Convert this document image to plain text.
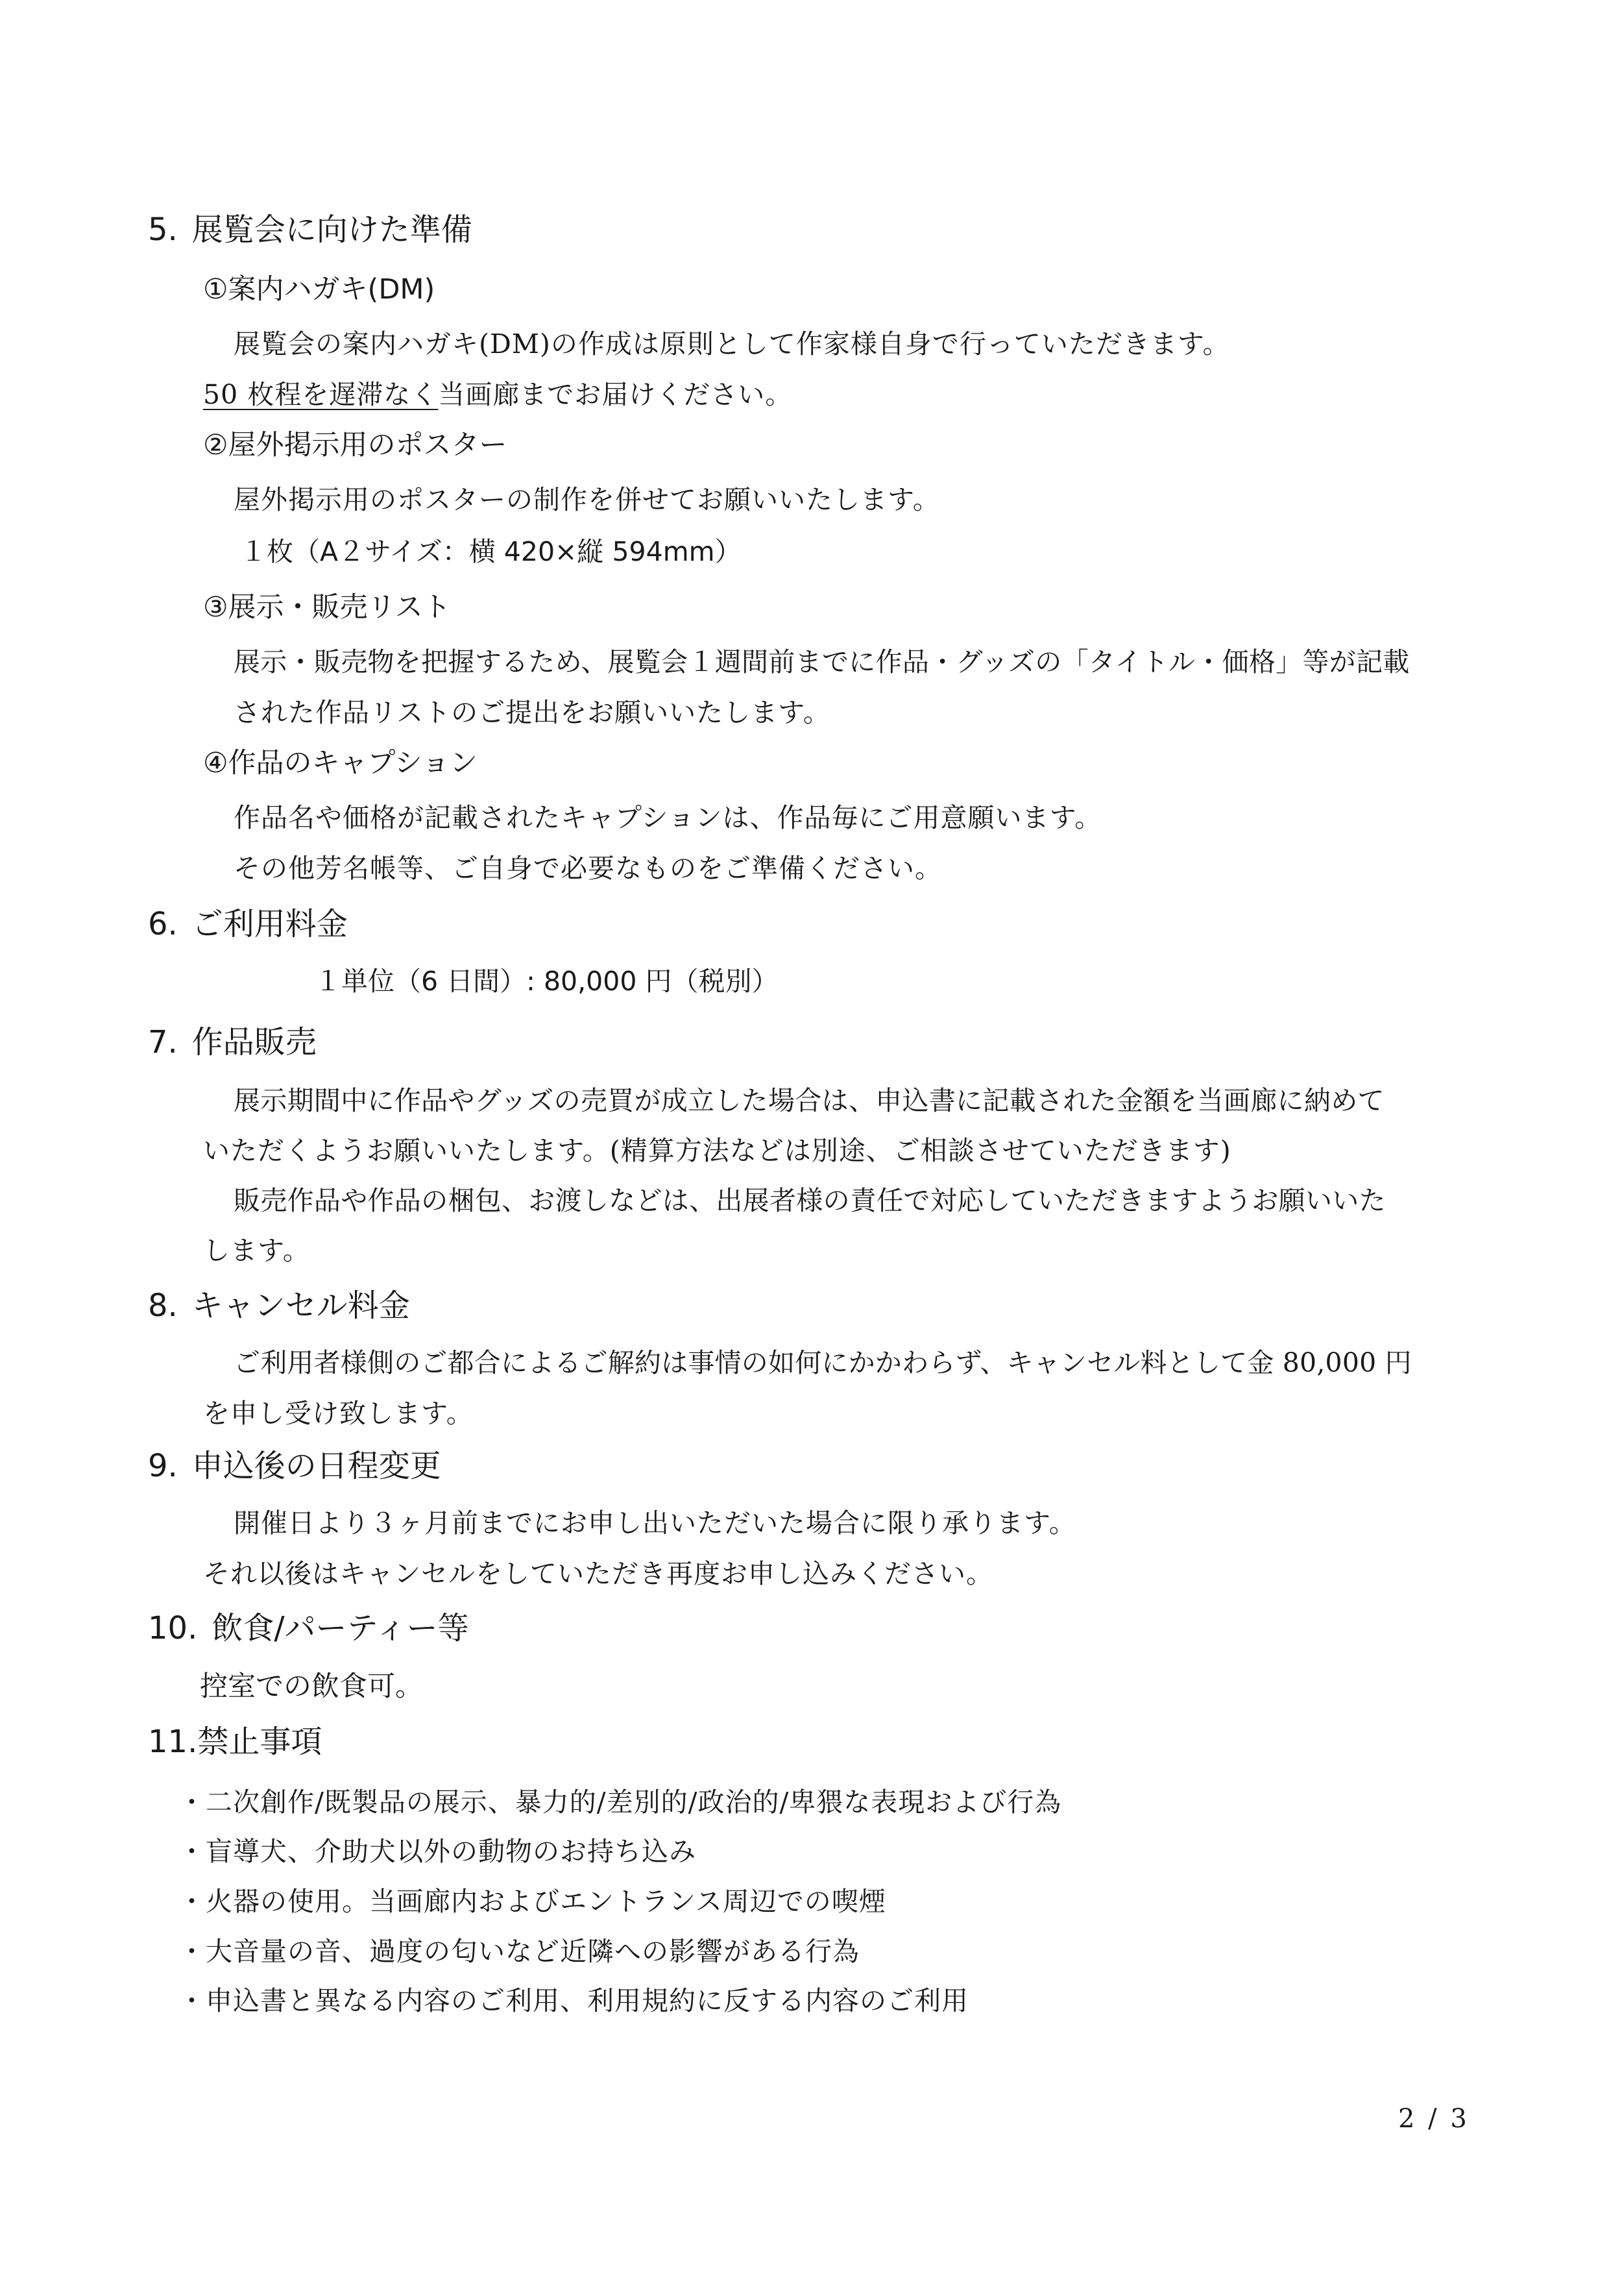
5. 展覧会に向けた準備
①案内ハガキ(DM)
展覧会の案内ハガキ(DM)の作成は原則として作家様自身で行っていただきます。
50 枚程を遅滞なく当画廊までお届けください。
②屋外掲示用のポスター
屋外掲示用のポスターの制作を併せてお願いいたします。
１枚（A２サイズ：横 420×縦 594mm）
③展示・販売リスト
展示・販売物を把握するため、展覧会１週間前までに作品・グッズの「タイトル・価格」等が記載
された作品リストのご提出をお願いいたします。
④作品のキャプション
作品名や価格が記載されたキャプションは、作品毎にご用意願います。
その他芳名帳等、ご自身で必要なものをご準備ください。
6. ご利用料金
１単位（6 日間）: 80,000 円（税別）
7. 作品販売
展示期間中に作品やグッズの売買が成立した場合は、申込書に記載された金額を当画廊に納めて
いただくようお願いいたします。(精算方法などは別途、ご相談させていただきます)
販売作品や作品の梱包、お渡しなどは、出展者様の責任で対応していただきますようお願いいた
します。
8. キャンセル料金
ご利用者様側のご都合によるご解約は事情の如何にかかわらず、キャンセル料として金 80,000 円
を申し受け致します。
9. 申込後の日程変更
開催日より３ヶ月前までにお申し出いただいた場合に限り承ります。
それ以後はキャンセルをしていただき再度お申し込みください。
10. 飲食/パーティー等
控室での飲食可。
11.禁止事項
・二次創作/既製品の展示、暴力的/差別的/政治的/卑猥な表現および行為
・盲導犬、介助犬以外の動物のお持ち込み
・火器の使用。当画廊内およびエントランス周辺での喫煙
・大音量の音、過度の匂いなど近隣への影響がある行為
・申込書と異なる内容のご利用、利用規約に反する内容のご利用
2 / 3
